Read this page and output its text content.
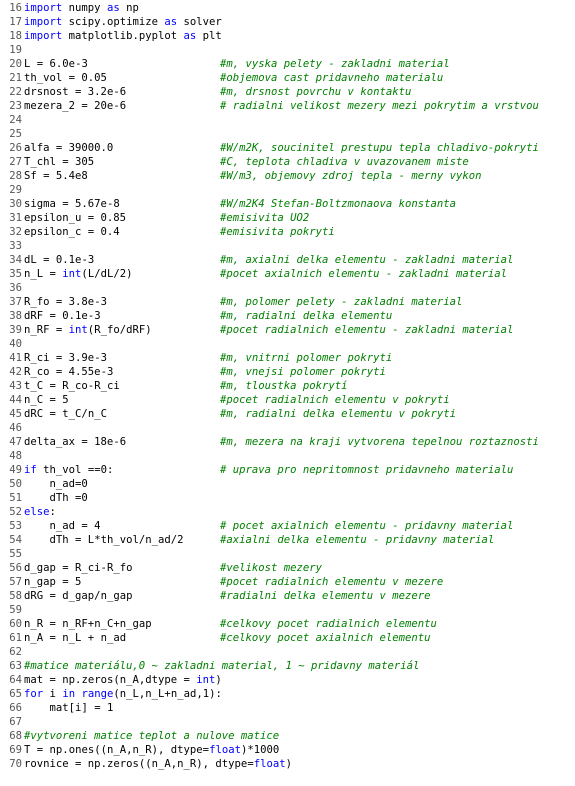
16 import numpy as np
17 import scipy.optimize as solver
18 import matplotlib.pyplot as plt
19
20 L = 6.0e-3	#m, vyska pelety - zakladni material
21 th_vol = 0.05	#objemova cast pridavneho materialu
22 drsnost = 3.2e-6	#m, drsnost povrchu v kontaktu
23 mezera_2 = 20e-6	# radialni velikost mezery mezi pokrytim a vrstvou
24
25
26 alfa = 39000.0	#W/m2K, soucinitel prestupu tepla chladivo-pokryti
27 T_chl = 305	#C, teplota chladiva v uvazovanem miste
28 Sf = 5.4e8	#W/m3, objemovy zdroj tepla - merny vykon
29
30 sigma = 5.67e-8	#W/m2K4 Stefan-Boltzmonaova konstanta
31 epsilon_u = 0.85	#emisivita UO2
32 epsilon_c = 0.4	#emisivita pokryti
33
34 dL = 0.1e-3	#m, axialni delka elementu - zakladni material
35 n_L = int(L/dL/2)	#pocet axialnich elementu - zakladni material
36
37 R_fo = 3.8e-3	#m, polomer pelety - zakladni material
38 dRF = 0.1e-3	#m, radialni delka elementu
39 n_RF = int(R_fo/dRF)	#pocet radialnich elementu - zakladni material
40
41 R_ci = 3.9e-3	#m, vnitrni polomer pokryti
42 R_co = 4.55e-3	#m, vnejsi polomer pokryti
43 t_C = R_co-R_ci	#m, tloustka pokrytí
44 n_C = 5	#pocet radialnich elementu v pokryti
45 dRC = t_C/n_C	#m, radialni delka elementu v pokryti
46
47 delta_ax = 18e-6	#m, mezera na kraji vytvorena tepelnou roztaznosti
48
49 if th_vol ==0:	# uprava pro nepritomnost pridavneho materialu
50	n_ad=0
51	dTh =0
52 else:
53	n_ad = 4	# pocet axialnich elementu - pridavny material
54	dTh = L*th_vol/n_ad/2	#axialni delka elementu - pridavny material
55
56 d_gap = R_ci-R_fo	#velikost mezery
57 n_gap = 5	#pocet radialnich elementu v mezere
58 dRG = d_gap/n_gap	#radialni delka elementu v mezere
59
60 n_R = n_RF+n_C+n_gap	#celkovy pocet radialnich elementu
61 n_A = n_L + n_ad	#celkovy pocet axialnich elementu
62
63 #matice materiálu,0 ~ zakladni material, 1 ~ pridavny materiál
64 mat = np.zeros(n_A,dtype = int)
65 for i in range(n_L,n_L+n_ad,1):
66	mat[i] = 1
67
68 #vytvoreni matice teplot a nulove matice
69 T = np.ones((n_A,n_R), dtype=float)*1000
70 rovnice = np.zeros((n_A,n_R), dtype=float)
